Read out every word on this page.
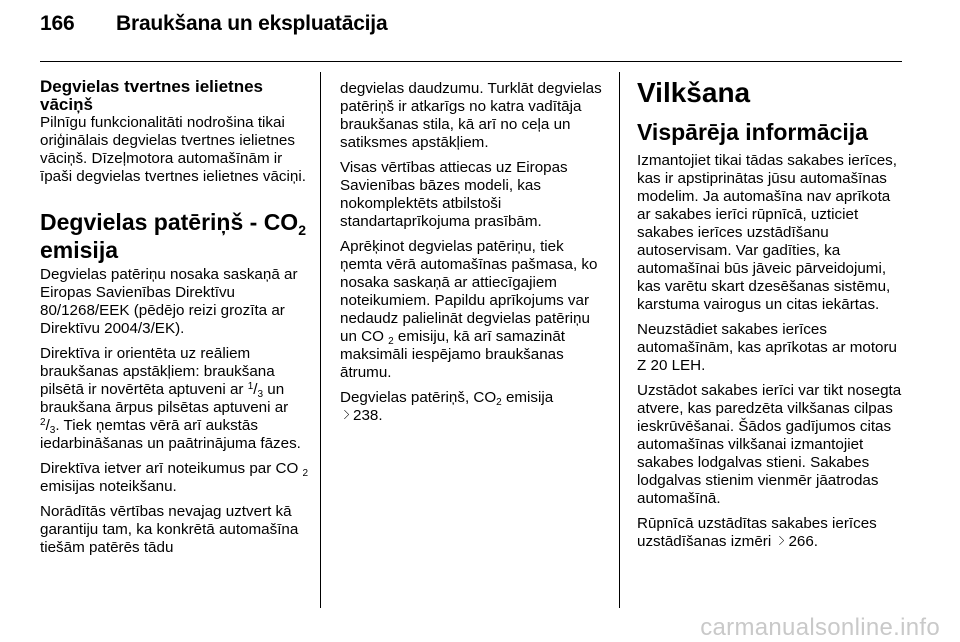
166 Braukšana un ekspluatācija
Degvielas tvertnes ielietnes vāciņš

Pilnīgu funkcionalitāti nodrošina tikai oriģinālais degvielas tvertnes ielietnes vāciņš. Dīzeļmotora automašīnām ir īpaši degvielas tvertnes ielietnes vāciņi.

Degvielas patēriņš - $CO_2$ emisija

Degvielas patēriņu nosaka saskaņā ar Eiropas Savienības Direktīvu 80/1268/EEK (pēdējo reizi grozīta ar Direktīvu 2004/3/EK).

Direktīva ir orientēta uz reāliem braukšanas apstākļiem: braukšana pilsētā ir novērtēta aptuveni ar $^1/_3$ un braukšana ārpus pilsētas aptuveni ar $^2/_3$. Tiek ņemtas vērā arī aukstās iedarbināšanas un paātrinājuma fāzes.

Direktīva ietver arī noteikumus par CO $_2$ emisijas noteikšanu.

Norādītās vērtības nevajag uztvert kā garantiju tam, ka konkrētā automašīna tiešām patērēs tādu

degvielas daudzumu. Turklāt degvielas patēriņš ir atkarīgs no katra vadītāja braukšanas stila, kā arī no ceļa un satiksmes apstākļiem.

Visas vērtības attiecas uz Eiropas Savienības bāzes modeli, kas nokomplektēts atbilstoši standartaprīkojuma prasībām.

Aprēķinot degvielas patēriņu, tiek ņemta vērā automašīnas pašmasa, ko nosaka saskaņā ar attiecīgajiem noteikumiem. Papildu aprīkojums var nedaudz palielināt degvielas patēriņu un CO $_2$ emisiju, kā arī samazināt maksimāli iespējamo braukšanas ātrumu.

Degvielas patēriņš, $CO_2$ emisija
238.

Vilkšana
Vispārēja informācija

Izmantojiet tikai tādas sakabes ierīces, kas ir apstiprinātas jūsu automašīnas modelim. Ja automašīna nav aprīkota ar sakabes ierīci rūpnīcā, uzticiet sakabes ierīces uzstādīšanu autoservisam. Var gadīties, ka automašīnai būs jāveic pārveidojumi, kas varētu skart dzesēšanas sistēmu, karstuma vairogus un citas iekārtas.

Neuzstādiet sakabes ierīces automašīnām, kas aprīkotas ar motoru Z 20 LEH.

Uzstādot sakabes ierīci var tikt nosegta atvere, kas paredzēta vilkšanas cilpas ieskrūvēšanai. Šādos gadījumos citas automašīnas vilkšanai izmantojiet sakabes lodgalvas stieni. Sakabes lodgalvas stienim vienmēr jāatrodas automašīnā.

Rūpnīcā uzstādītas sakabes ierīces uzstādīšanas izmēri 266.

carmanualsonline.info
